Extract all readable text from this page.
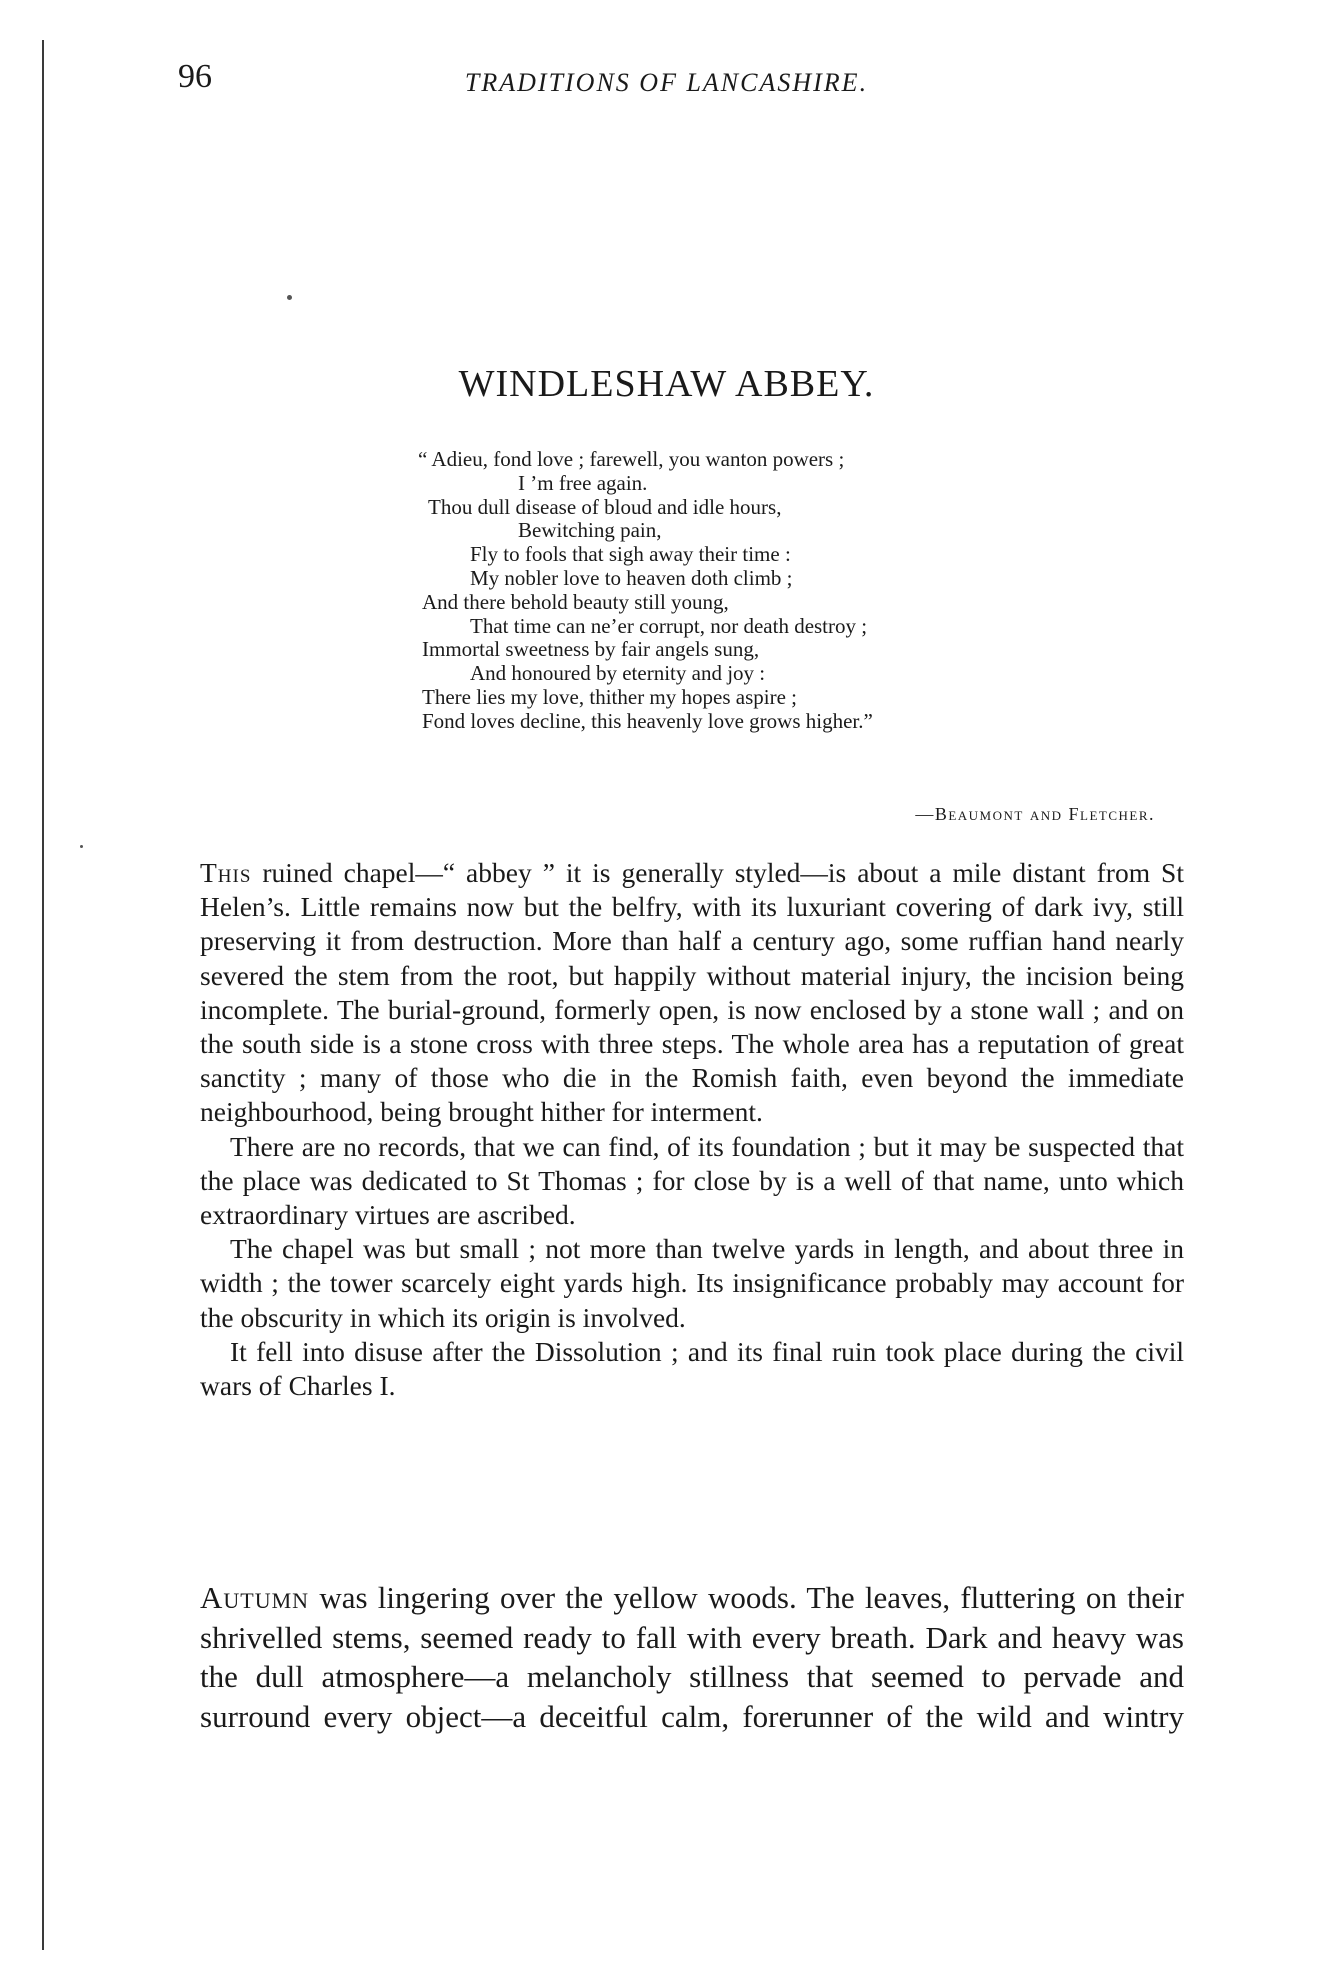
96	TRADITIONS OF LANCASHIRE.
WINDLESHAW ABBEY.
“ Adieu, fond love ; farewell, you wanton powers ;
I ’m free again.
Thou dull disease of bloud and idle hours,
Bewitching pain,
Fly to fools that sigh away their time :
My nobler love to heaven doth climb ;
And there behold beauty still young,
That time can ne’er corrupt, nor death destroy ;
Immortal sweetness by fair angels sung,
And honoured by eternity and joy :
There lies my love, thither my hopes aspire ;
Fond loves decline, this heavenly love grows higher.”
—Beaumont and Fletcher.

This ruined chapel—“ abbey ” it is generally styled—is about a mile distant from St Helen’s. Little remains now but the belfry, with its luxuriant covering of dark ivy, still preserving it from destruction. More than half a century ago, some ruffian hand nearly severed the stem from the root, but happily without material injury, the incision being incomplete. The burial-ground, formerly open, is now enclosed by a stone wall ; and on the south side is a stone cross with three steps. The whole area has a reputation of great sanctity ; many of those who die in the Romish faith, even beyond the immediate neighbourhood, being brought hither for interment.

There are no records, that we can find, of its foundation ; but it may be suspected that the place was dedicated to St Thomas ; for close by is a well of that name, unto which extraordinary virtues are ascribed.

The chapel was but small ; not more than twelve yards in length, and about three in width ; the tower scarcely eight yards high. Its insignificance probably may account for the obscurity in which its origin is involved.

It fell into disuse after the Dissolution ; and its final ruin took place during the civil wars of Charles I.

Autumn was lingering over the yellow woods. The leaves, fluttering on their shrivelled stems, seemed ready to fall with every breath. Dark and heavy was the dull atmosphere—a melancholy stillness that seemed to pervade and surround every object—a deceitful calm, forerunner of the wild and wintry
